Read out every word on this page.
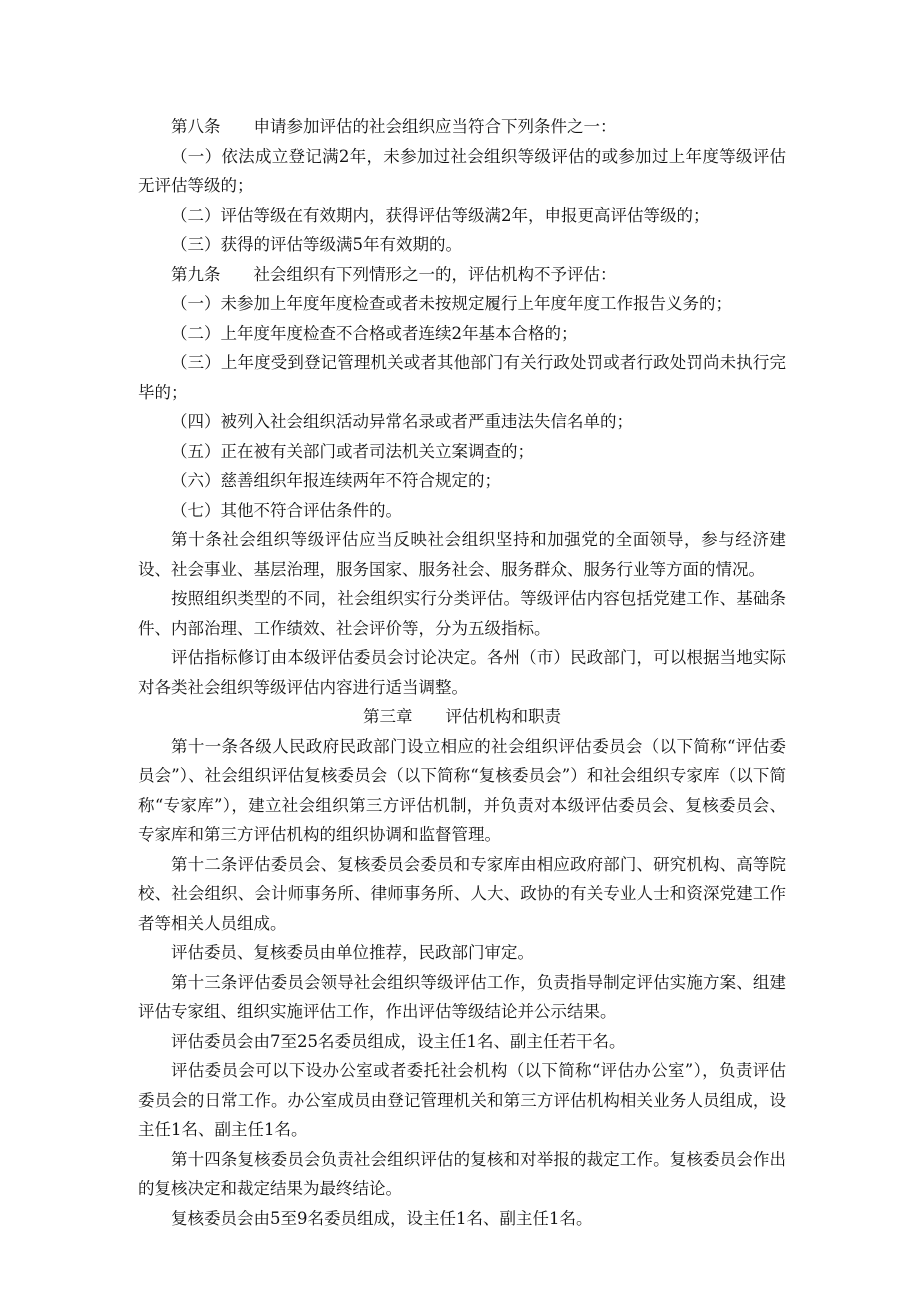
第八条　　申请参加评估的社会组织应当符合下列条件之一：

（一）依法成立登记满2年，未参加过社会组织等级评估的或参加过上年度等级评估无评估等级的；

（二）评估等级在有效期内，获得评估等级满2年，申报更高评估等级的；

（三）获得的评估等级满5年有效期的。

第九条　　社会组织有下列情形之一的，评估机构不予评估：

（一）未参加上年度年度检查或者未按规定履行上年度年度工作报告义务的；

（二）上年度年度检查不合格或者连续2年基本合格的；

（三）上年度受到登记管理机关或者其他部门有关行政处罚或者行政处罚尚未执行完毕的；

（四）被列入社会组织活动异常名录或者严重违法失信名单的；

（五）正在被有关部门或者司法机关立案调查的；

（六）慈善组织年报连续两年不符合规定的；

（七）其他不符合评估条件的。

第十条社会组织等级评估应当反映社会组织坚持和加强党的全面领导，参与经济建设、社会事业、基层治理，服务国家、服务社会、服务群众、服务行业等方面的情况。

按照组织类型的不同，社会组织实行分类评估。等级评估内容包括党建工作、基础条件、内部治理、工作绩效、社会评价等，分为五级指标。

评估指标修订由本级评估委员会讨论决定。各州（市）民政部门，可以根据当地实际对各类社会组织等级评估内容进行适当调整。

第三章　　评估机构和职责

第十一条各级人民政府民政部门设立相应的社会组织评估委员会（以下简称“评估委员会”）、社会组织评估复核委员会（以下简称“复核委员会”）和社会组织专家库（以下简称“专家库”），建立社会组织第三方评估机制，并负责对本级评估委员会、复核委员会、专家库和第三方评估机构的组织协调和监督管理。

第十二条评估委员会、复核委员会委员和专家库由相应政府部门、研究机构、高等院校、社会组织、会计师事务所、律师事务所、人大、政协的有关专业人士和资深党建工作者等相关人员组成。

评估委员、复核委员由单位推荐，民政部门审定。

第十三条评估委员会领导社会组织等级评估工作，负责指导制定评估实施方案、组建评估专家组、组织实施评估工作，作出评估等级结论并公示结果。

评估委员会由7至25名委员组成，设主任1名、副主任若干名。

评估委员会可以下设办公室或者委托社会机构（以下简称“评估办公室”），负责评估委员会的日常工作。办公室成员由登记管理机关和第三方评估机构相关业务人员组成，设主任1名、副主任1名。

第十四条复核委员会负责社会组织评估的复核和对举报的裁定工作。复核委员会作出的复核决定和裁定结果为最终结论。

复核委员会由5至9名委员组成，设主任1名、副主任1名。
